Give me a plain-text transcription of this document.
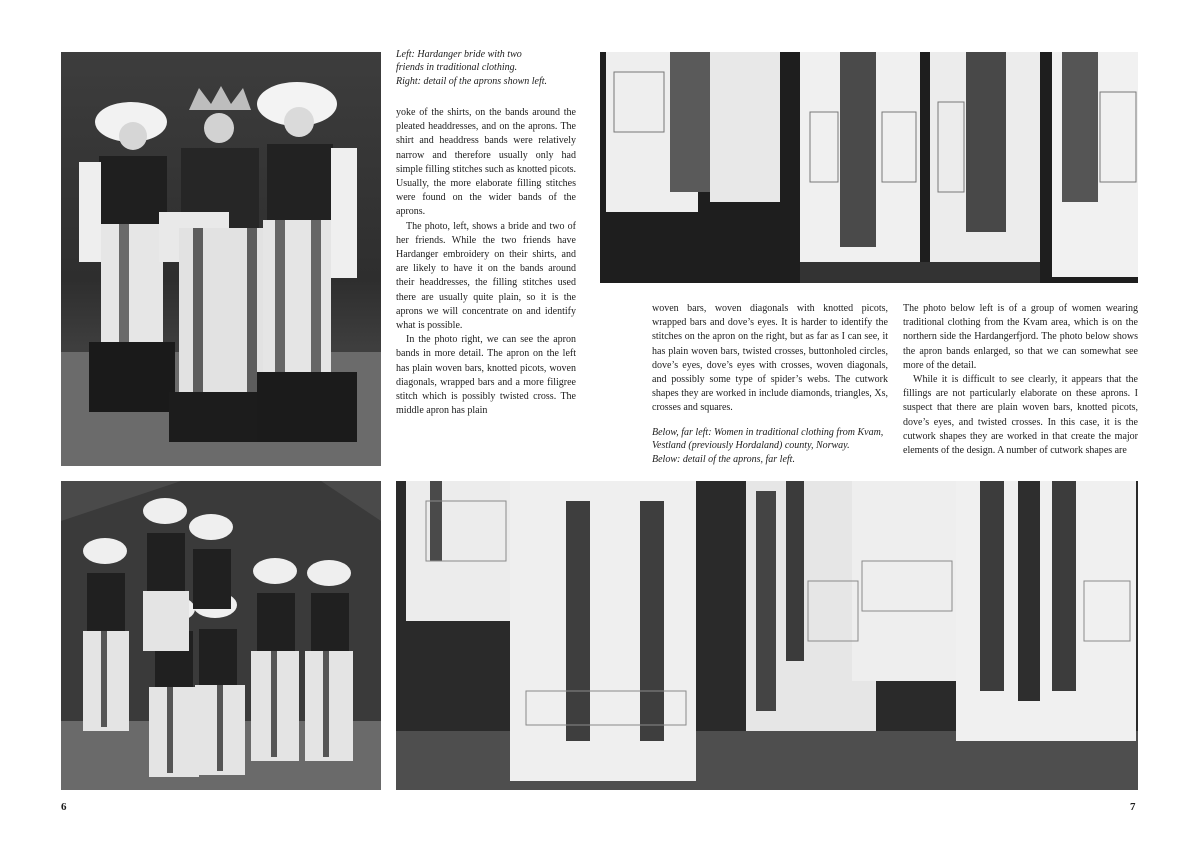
Left: Hardanger bride with two
friends in traditional clothing.
Right: detail of the aprons shown left.

yoke of the shirts, on the bands around the pleated headdresses, and on the aprons. The shirt and headdress bands were relatively narrow and therefore usually only had simple filling stitches such as knotted picots. Usually, the more elaborate filling stitches were found on the wider bands of the aprons.

The photo, left, shows a bride and two of her friends. While the two friends have Hardanger embroidery on their shirts, and are likely to have it on the bands around their headdresses, the filling stitches used there are usually quite plain, so it is the aprons we will concentrate on and identify what is possible.

In the photo right, we can see the apron bands in more detail. The apron on the left has plain woven bars, knotted picots, woven diagonals, wrapped bars and a more filigree stitch which is possibly twisted cross. The middle apron has plain

woven bars, woven diagonals with knotted picots, wrapped bars and dove’s eyes. It is harder to identify the stitches on the apron on the right, but as far as I can see, it has plain woven bars, twisted crosses, buttonholed circles, dove’s eyes, dove’s eyes with crosses, woven diagonals, and possibly some type of spider’s webs. The cutwork shapes they are worked in include diamonds, triangles, Xs, crosses and squares.

Below, far left: Women in traditional clothing from Kvam,
Vestland (previously Hordaland) county, Norway.
Below: detail of the aprons, far left.

The photo below left is of a group of women wearing traditional clothing from the Kvam area, which is on the northern side the Hardangerfjord. The photo below shows the apron bands enlarged, so that we can somewhat see more of the detail.

While it is difficult to see clearly, it appears that the fillings are not particularly elaborate on these aprons. I suspect that there are plain woven bars, knotted picots, dove’s eyes, and twisted crosses. In this case, it is the cutwork shapes they are worked in that create the major elements of the design. A number of cutwork shapes are

6	7
